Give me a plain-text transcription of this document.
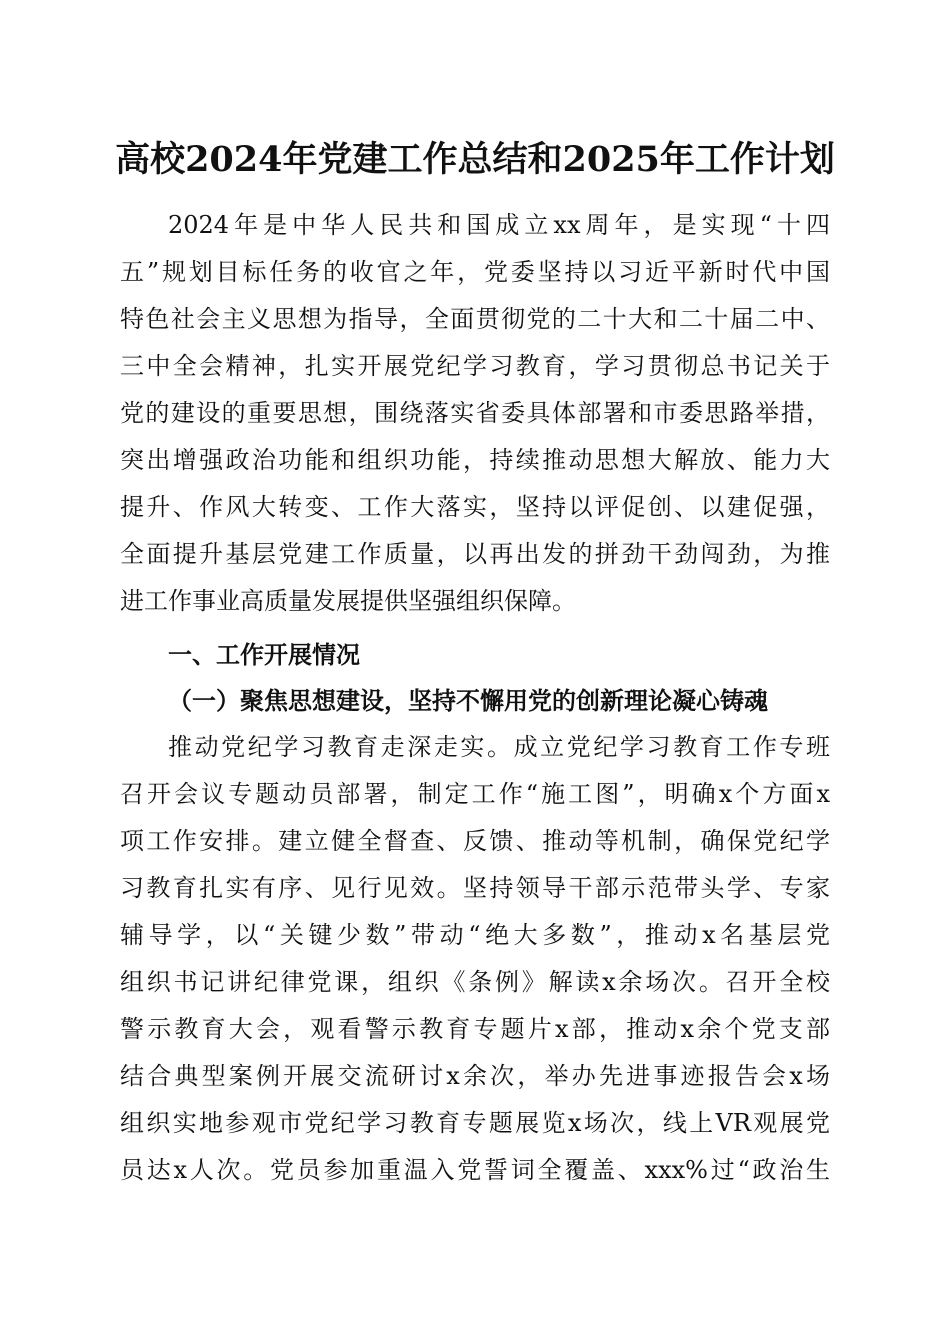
高校2024年党建工作总结和2025年工作计划
2024年是中华人民共和国成立xx周年，是实现“十四
五”规划目标任务的收官之年，党委坚持以习近平新时代中国
特色社会主义思想为指导，全面贯彻党的二十大和二十届二中、
三中全会精神，扎实开展党纪学习教育，学习贯彻总书记关于
党的建设的重要思想，围绕落实省委具体部署和市委思路举措，
突出增强政治功能和组织功能，持续推动思想大解放、能力大
提升、作风大转变、工作大落实，坚持以评促创、以建促强，
全面提升基层党建工作质量，以再出发的拼劲干劲闯劲，为推
进工作事业高质量发展提供坚强组织保障。
一、工作开展情况
（一）聚焦思想建设，坚持不懈用党的创新理论凝心铸魂
推动党纪学习教育走深走实。成立党纪学习教育工作专班
召开会议专题动员部署，制定工作“施工图”，明确x个方面x
项工作安排。建立健全督查、反馈、推动等机制，确保党纪学
习教育扎实有序、见行见效。坚持领导干部示范带头学、专家
辅导学，以“关键少数”带动“绝大多数”，推动x名基层党
组织书记讲纪律党课，组织《条例》解读x余场次。召开全校
警示教育大会，观看警示教育专题片x部，推动x余个党支部
结合典型案例开展交流研讨x余次，举办先进事迹报告会x场
组织实地参观市党纪学习教育专题展览x场次，线上VR观展党
员达x人次。党员参加重温入党誓词全覆盖、xxx%过“政治生
